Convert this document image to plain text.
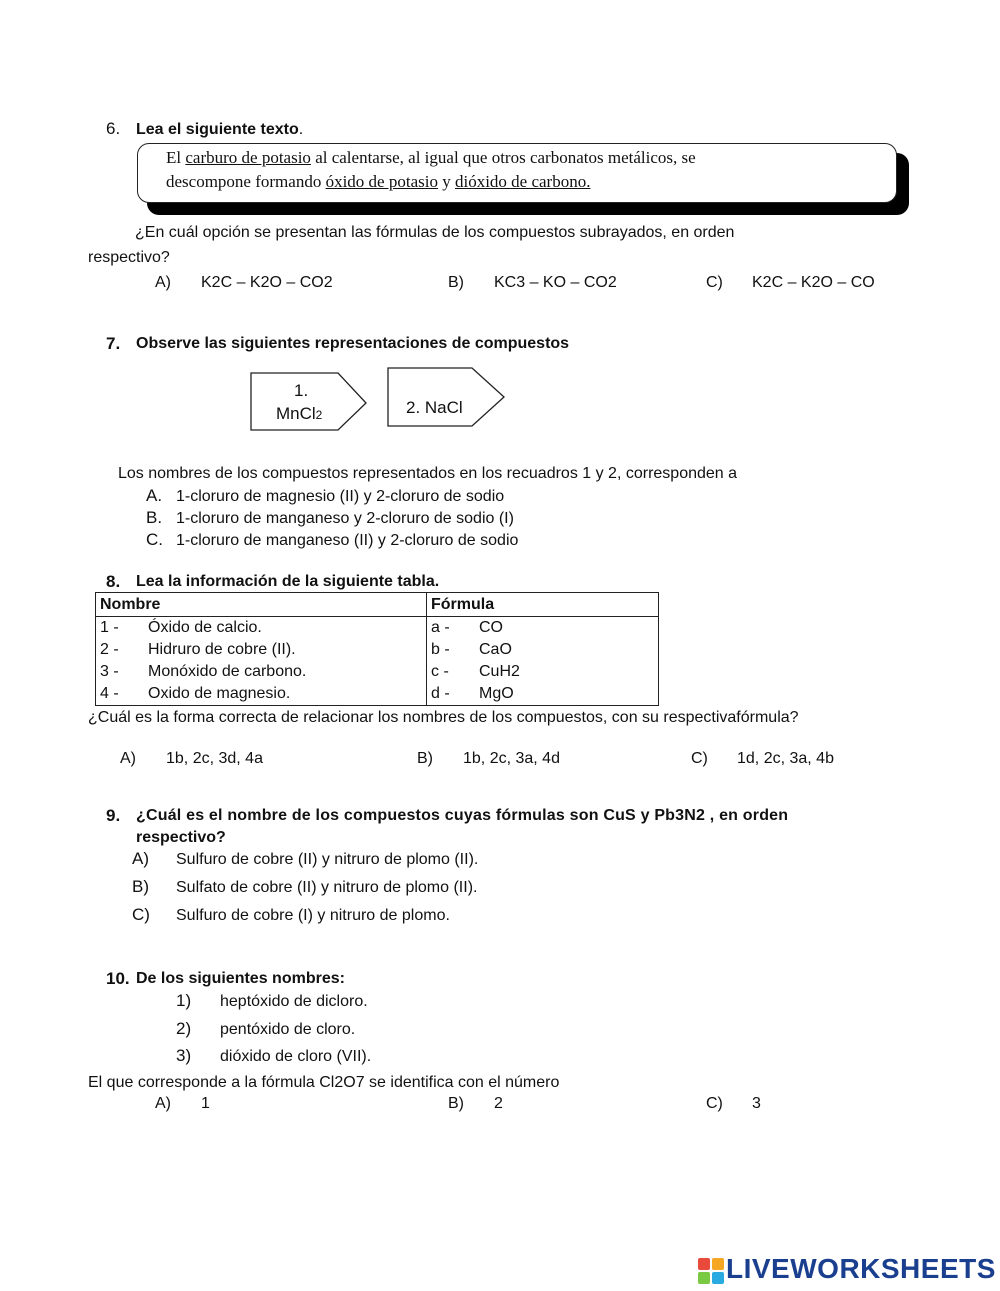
6. Lea el siguiente texto.
El carburo de potasio al calentarse, al igual que otros carbonatos metálicos, se
descompone formando óxido de potasio y dióxido de carbono.
¿En cuál opción se presentan las fórmulas de los compuestos subrayados, en orden
respectivo?
A) K2C – K2O – CO2	B) KC3 – KO – CO2	C) K2C – K2O – CO
7. Observe las siguientes representaciones de compuestos
1.
MnCl2	2. NaCl
Los nombres de los compuestos representados en los recuadros 1 y 2, corresponden a
A. 1-cloruro de magnesio (II) y 2-cloruro de sodio
B. 1-cloruro de manganeso y 2-cloruro de sodio (I)
C. 1-cloruro de manganeso (II) y 2-cloruro de sodio
8. Lea la información de la siguiente tabla.
Nombre	Fórmula
1 - Óxido de calcio.	a - CO
2 - Hidruro de cobre (II).	b - CaO
3 - Monóxido de carbono.	c - CuH2
4 - Oxido de magnesio.	d - MgO
¿Cuál es la forma correcta de relacionar los nombres de los compuestos, con su respectivafórmula?
A) 1b, 2c, 3d, 4a	B) 1b, 2c, 3a, 4d	C) 1d, 2c, 3a, 4b
9. ¿Cuál es el nombre de los compuestos cuyas fórmulas son CuS y Pb3N2 , en orden
respectivo?
A) Sulfuro de cobre (II) y nitruro de plomo (II).
B) Sulfato de cobre (II) y nitruro de plomo (II).
C) Sulfuro de cobre (I) y nitruro de plomo.
10. De los siguientes nombres:
1) heptóxido de dicloro.
2) pentóxido de cloro.
3) dióxido de cloro (VII).
El que corresponde a la fórmula Cl2O7 se identifica con el número
A) 1	B) 2	C) 3
LIVEWORKSHEETS
